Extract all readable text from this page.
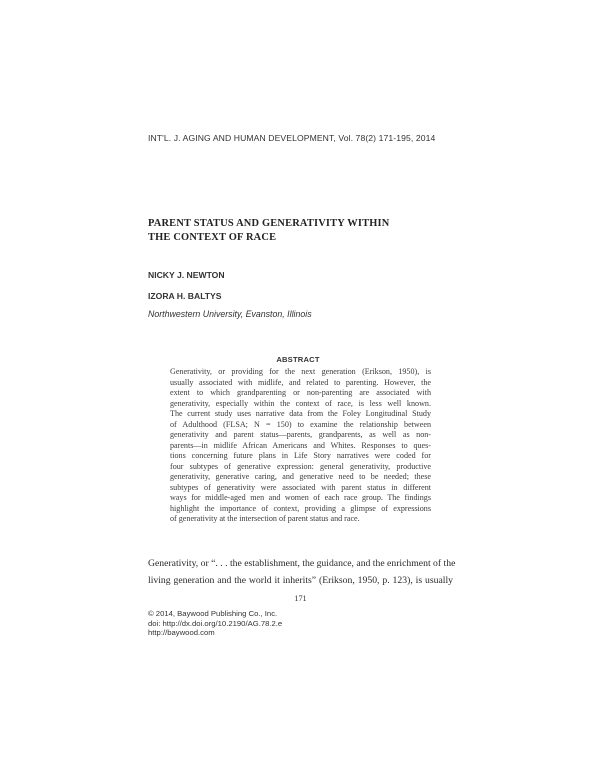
INT'L. J. AGING AND HUMAN DEVELOPMENT, Vol. 78(2) 171-195, 2014
PARENT STATUS AND GENERATIVITY WITHIN
THE CONTEXT OF RACE
NICKY J. NEWTON
IZORA H. BALTYS
Northwestern University, Evanston, Illinois
ABSTRACT
Generativity, or providing for the next generation (Erikson, 1950), is
usually associated with midlife, and related to parenting. However, the
extent to which grandparenting or non-parenting are associated with
generativity, especially within the context of race, is less well known.
The current study uses narrative data from the Foley Longitudinal Study
of Adulthood (FLSA; N = 150) to examine the relationship between
generativity and parent status—parents, grandparents, as well as non-
parents—in midlife African Americans and Whites. Responses to ques-
tions concerning future plans in Life Story narratives were coded for
four subtypes of generative expression: general generativity, productive
generativity, generative caring, and generative need to be needed; these
subtypes of generativity were associated with parent status in different
ways for middle-aged men and women of each race group. The findings
highlight the importance of context, providing a glimpse of expressions
of generativity at the intersection of parent status and race.
Generativity, or “. . . the establishment, the guidance, and the enrichment of the
living generation and the world it inherits” (Erikson, 1950, p. 123), is usually
171
© 2014, Baywood Publishing Co., Inc.
doi: http://dx.doi.org/10.2190/AG.78.2.e
http://baywood.com
